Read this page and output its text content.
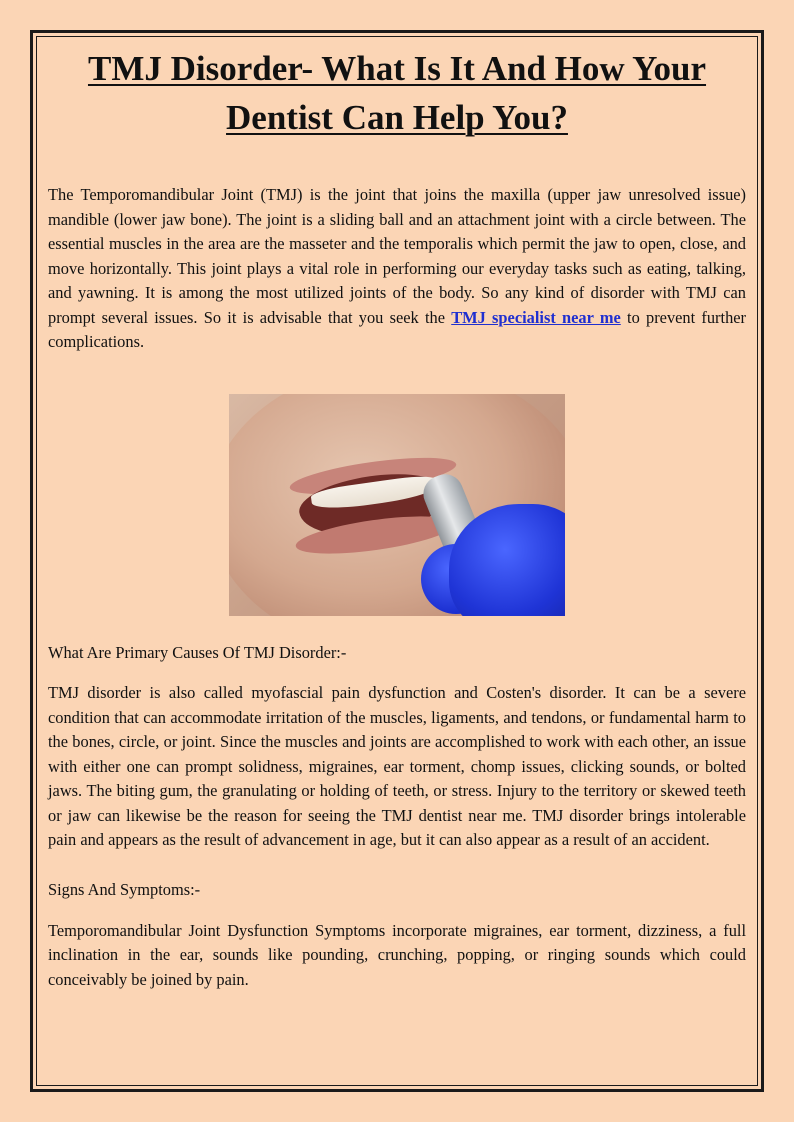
TMJ Disorder- What Is It And How Your Dentist Can Help You?

The Temporomandibular Joint (TMJ) is the joint that joins the maxilla (upper jaw unresolved issue) mandible (lower jaw bone). The joint is a sliding ball and an attachment joint with a circle between. The essential muscles in the area are the masseter and the temporalis which permit the jaw to open, close, and move horizontally. This joint plays a vital role in performing our everyday tasks such as eating, talking, and yawning. It is among the most utilized joints of the body. So any kind of disorder with TMJ can prompt several issues. So it is advisable that you seek the TMJ specialist near me to prevent further complications.

What Are Primary Causes Of TMJ Disorder:-

TMJ disorder is also called myofascial pain dysfunction and Costen's disorder. It can be a severe condition that can accommodate irritation of the muscles, ligaments, and tendons, or fundamental harm to the bones, circle, or joint. Since the muscles and joints are accomplished to work with each other, an issue with either one can prompt solidness, migraines, ear torment, chomp issues, clicking sounds, or bolted jaws. The biting gum, the granulating or holding of teeth, or stress. Injury to the territory or skewed teeth or jaw can likewise be the reason for seeing the TMJ dentist near me. TMJ disorder brings intolerable pain and appears as the result of advancement in age, but it can also appear as a result of an accident.

Signs And Symptoms:-

Temporomandibular Joint Dysfunction Symptoms incorporate migraines, ear torment, dizziness, a full inclination in the ear, sounds like pounding, crunching, popping, or ringing sounds which could conceivably be joined by pain.
